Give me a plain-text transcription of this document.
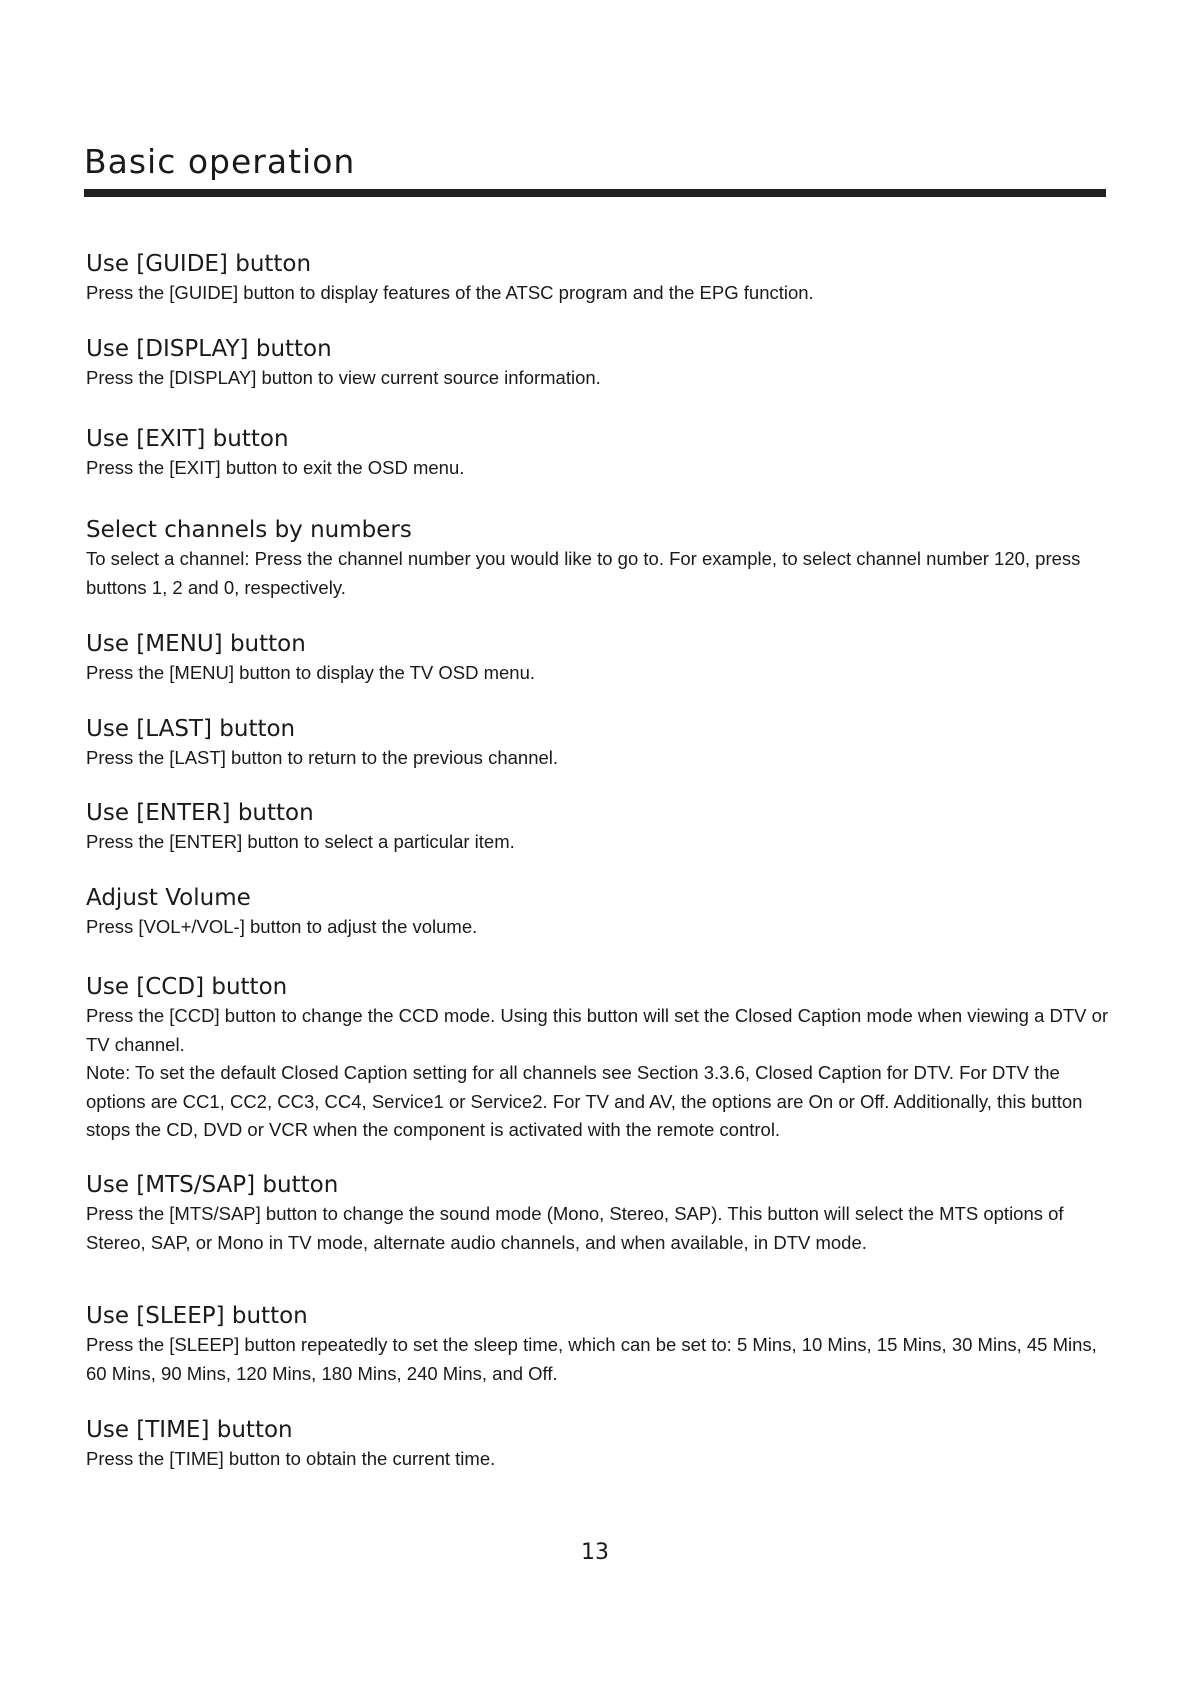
Basic operation
Use [GUIDE] button

Press the [GUIDE] button to display features of the ATSC program and the EPG function.

Use [DISPLAY] button

Press the [DISPLAY] button to view current source information.

Use [EXIT] button

Press the [EXIT] button to exit the OSD menu.

Select channels by numbers

To select a channel: Press the channel number you would like to go to. For example, to select channel number 120, press buttons 1, 2 and 0, respectively.

Use [MENU] button

Press the [MENU] button to display the TV OSD menu.

Use [LAST] button

Press the [LAST] button to return to the previous channel.

Use [ENTER] button

Press the [ENTER] button to select a particular item.

Adjust Volume

Press [VOL+/VOL-] button to adjust the volume.

Use [CCD] button

Press the [CCD] button to change the CCD mode. Using this button will set the Closed Caption mode when viewing a DTV or TV channel.

Note: To set the default Closed Caption setting for all channels see Section 3.3.6, Closed Caption for DTV. For DTV the options are CC1, CC2, CC3, CC4, Service1 or Service2. For TV and AV, the options are On or Off. Additionally, this button stops the CD, DVD or VCR when the component is activated with the remote control.

Use [MTS/SAP] button

Press the [MTS/SAP] button to change the sound mode (Mono, Stereo, SAP). This button will select the MTS options of Stereo, SAP, or Mono in TV mode, alternate audio channels, and when available, in DTV mode.

Use [SLEEP] button

Press the [SLEEP] button repeatedly to set the sleep time, which can be set to: 5 Mins, 10 Mins, 15 Mins, 30 Mins, 45 Mins, 60 Mins, 90 Mins, 120 Mins, 180 Mins, 240 Mins, and Off.

Use [TIME] button

Press the [TIME] button to obtain the current time.

13
